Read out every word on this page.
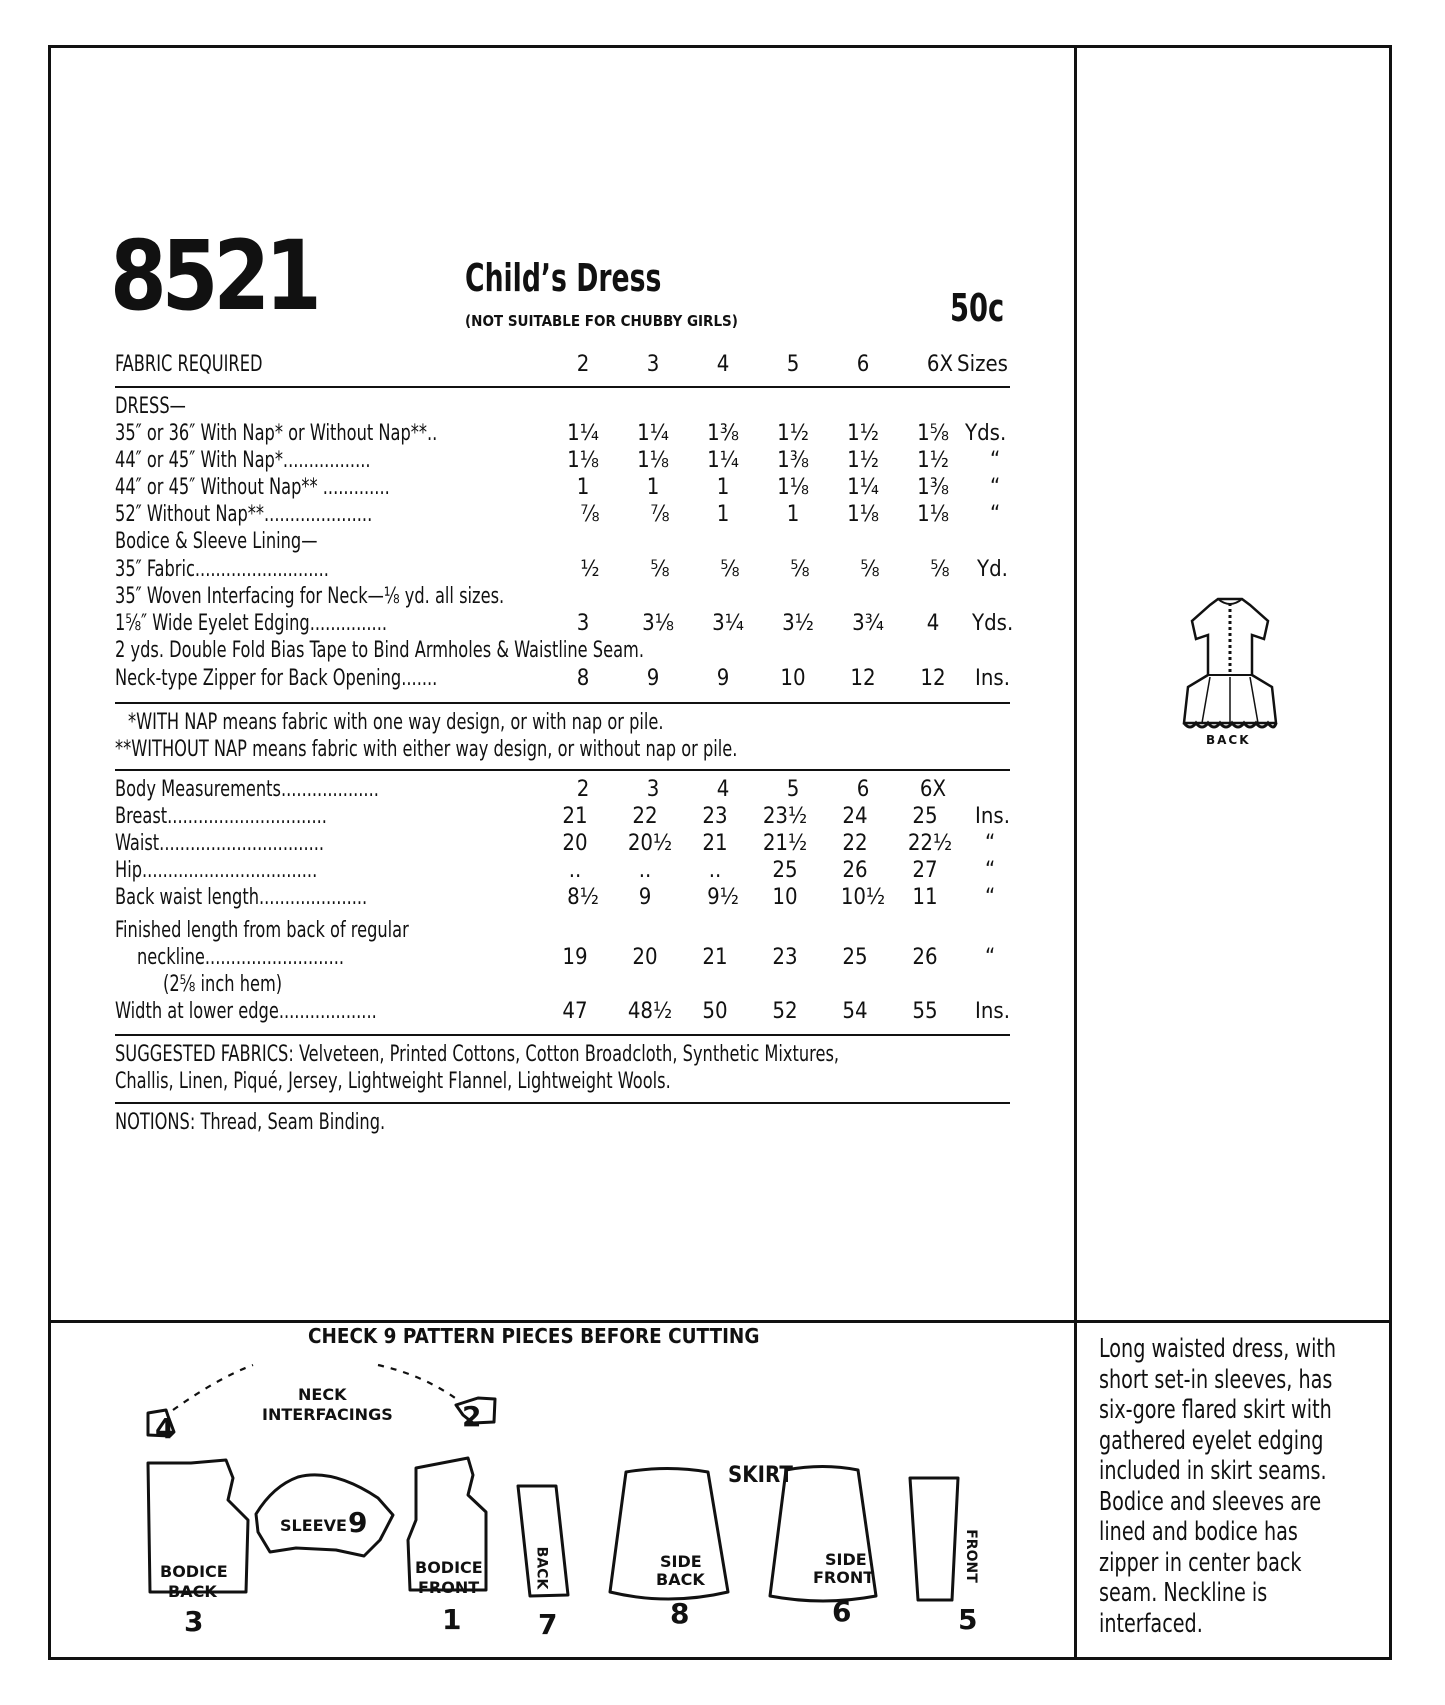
8521	Child’s Dress
(NOT SUITABLE FOR CHUBBY GIRLS)	50c
FABRIC REQUIRED	2	3	4	5	6	6X Sizes
DRESS—
35″ or 36″ With Nap* or Without Nap**..	1¼	1¼	1⅜	1½	1½	1⅝ Yds.
44″ or 45″ With Nap*.................	1⅛	1⅛	1¼	1⅜	1½	1½	“
44″ or 45″ Without Nap** .............	1	1	1	1⅛	1¼	1⅜	“
52″ Without Nap**.....................	⅞	⅞	1	1	1⅛	1⅛	“
Bodice & Sleeve Lining—
35″ Fabric..........................	½	⅝	⅝	⅝	⅝	⅝	Yd.
35″ Woven Interfacing for Neck—⅛ yd. all sizes.
1⅝″ Wide Eyelet Edging...............	3	3⅛	3¼	3½	3¾	4	Yds.
2 yds. Double Fold Bias Tape to Bind Armholes & Waistline Seam.
Neck-type Zipper for Back Opening.......	8	9	9	10	12	12	Ins.
*WITH NAP means fabric with one way design, or with nap or pile.
**WITHOUT NAP means fabric with either way design, or without nap or pile.
Body Measurements...................	2	3	4	5	6	6X
Breast...............................	21	22	23	23½	24	25	Ins.
Waist................................	20	20½	21	21½	22	22½	“
Hip..................................	..	..	..	25	26	27	“
Back waist length.....................	8½	9	9½	10	10½	11	“
Finished length from back of regular
neckline...........................	19	20	21	23	25	26	“
(2⅝ inch hem)
Width at lower edge...................	47	48½	50	52	54	55	Ins.
SUGGESTED FABRICS: Velveteen, Printed Cottons, Cotton Broadcloth, Synthetic Mixtures,
Challis, Linen, Piqué, Jersey, Lightweight Flannel, Lightweight Wools.
NOTIONS: Thread, Seam Binding.
BACK
CHECK 9 PATTERN PIECES BEFORE CUTTING
NECK
INTERFACINGS
4	2
SLEEVE 9
BODICE
BACK
3
BODICE
FRONT
1
SKIRT
BACK
7
SIDE
BACK
8
SIDE
FRONT
6
FRONT
5
Long waisted dress, with
short set-in sleeves, has
six-gore flared skirt with
gathered eyelet edging
included in skirt seams.
Bodice and sleeves are
lined and bodice has
zipper in center back
seam. Neckline is
interfaced.
